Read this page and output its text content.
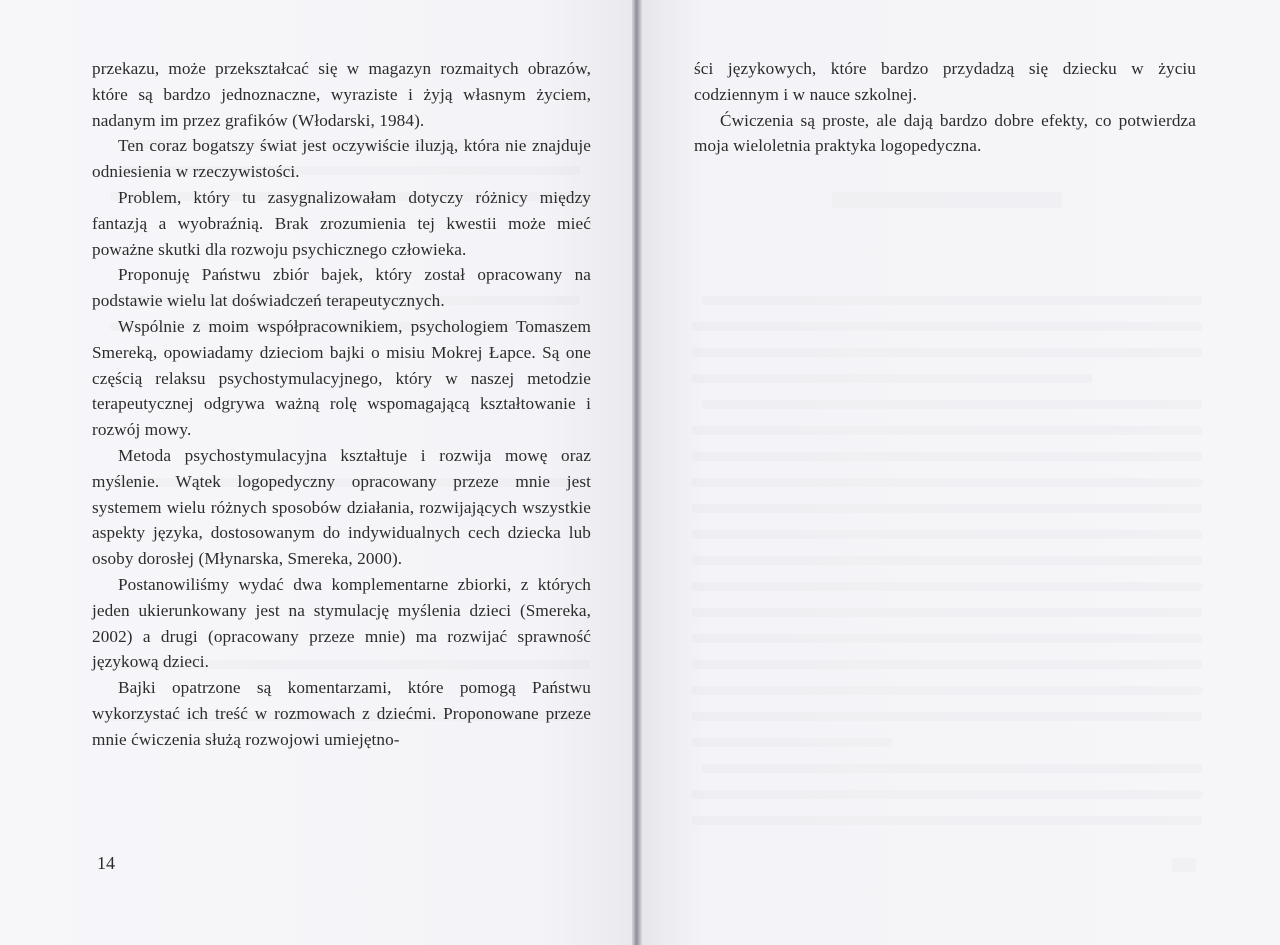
przekazu, może przekształcać się w magazyn rozmaitych obrazów, które są bardzo jednoznaczne, wyraziste i żyją własnym życiem, nadanym im przez grafików (Włodarski, 1984).

Ten coraz bogatszy świat jest oczywiście iluzją, która nie znajduje odniesienia w rzeczywistości.

Problem, który tu zasygnalizowałam dotyczy różnicy między fantazją a wyobraźnią. Brak zrozumienia tej kwestii może mieć poważne skutki dla rozwoju psychicznego człowieka.

Proponuję Państwu zbiór bajek, który został opracowany na podstawie wielu lat doświadczeń terapeutycznych.

Wspólnie z moim współpracownikiem, psychologiem Tomaszem Smereką, opowiadamy dzieciom bajki o misiu Mokrej Łapce. Są one częścią relaksu psychostymulacyjnego, który w naszej metodzie terapeutycznej odgrywa ważną rolę wspomagającą kształtowanie i rozwój mowy.

Metoda psychostymulacyjna kształtuje i rozwija mowę oraz myślenie. Wątek logopedyczny opracowany przeze mnie jest systemem wielu różnych sposobów działania, rozwijających wszystkie aspekty języka, dostosowanym do indywidualnych cech dziecka lub osoby dorosłej (Młynarska, Smereka, 2000).

Postanowiliśmy wydać dwa komplementarne zbiorki, z których jeden ukierunkowany jest na stymulację myślenia dzieci (Smereka, 2002) a drugi (opracowany przeze mnie) ma rozwijać sprawność językową dzieci.

Bajki opatrzone są komentarzami, które pomogą Państwu wykorzystać ich treść w rozmowach z dziećmi. Proponowane przeze mnie ćwiczenia służą rozwojowi umiejętno-

14

ści językowych, które bardzo przydadzą się dziecku w życiu codziennym i w nauce szkolnej.

Ćwiczenia są proste, ale dają bardzo dobre efekty, co potwierdza moja wieloletnia praktyka logopedyczna.
